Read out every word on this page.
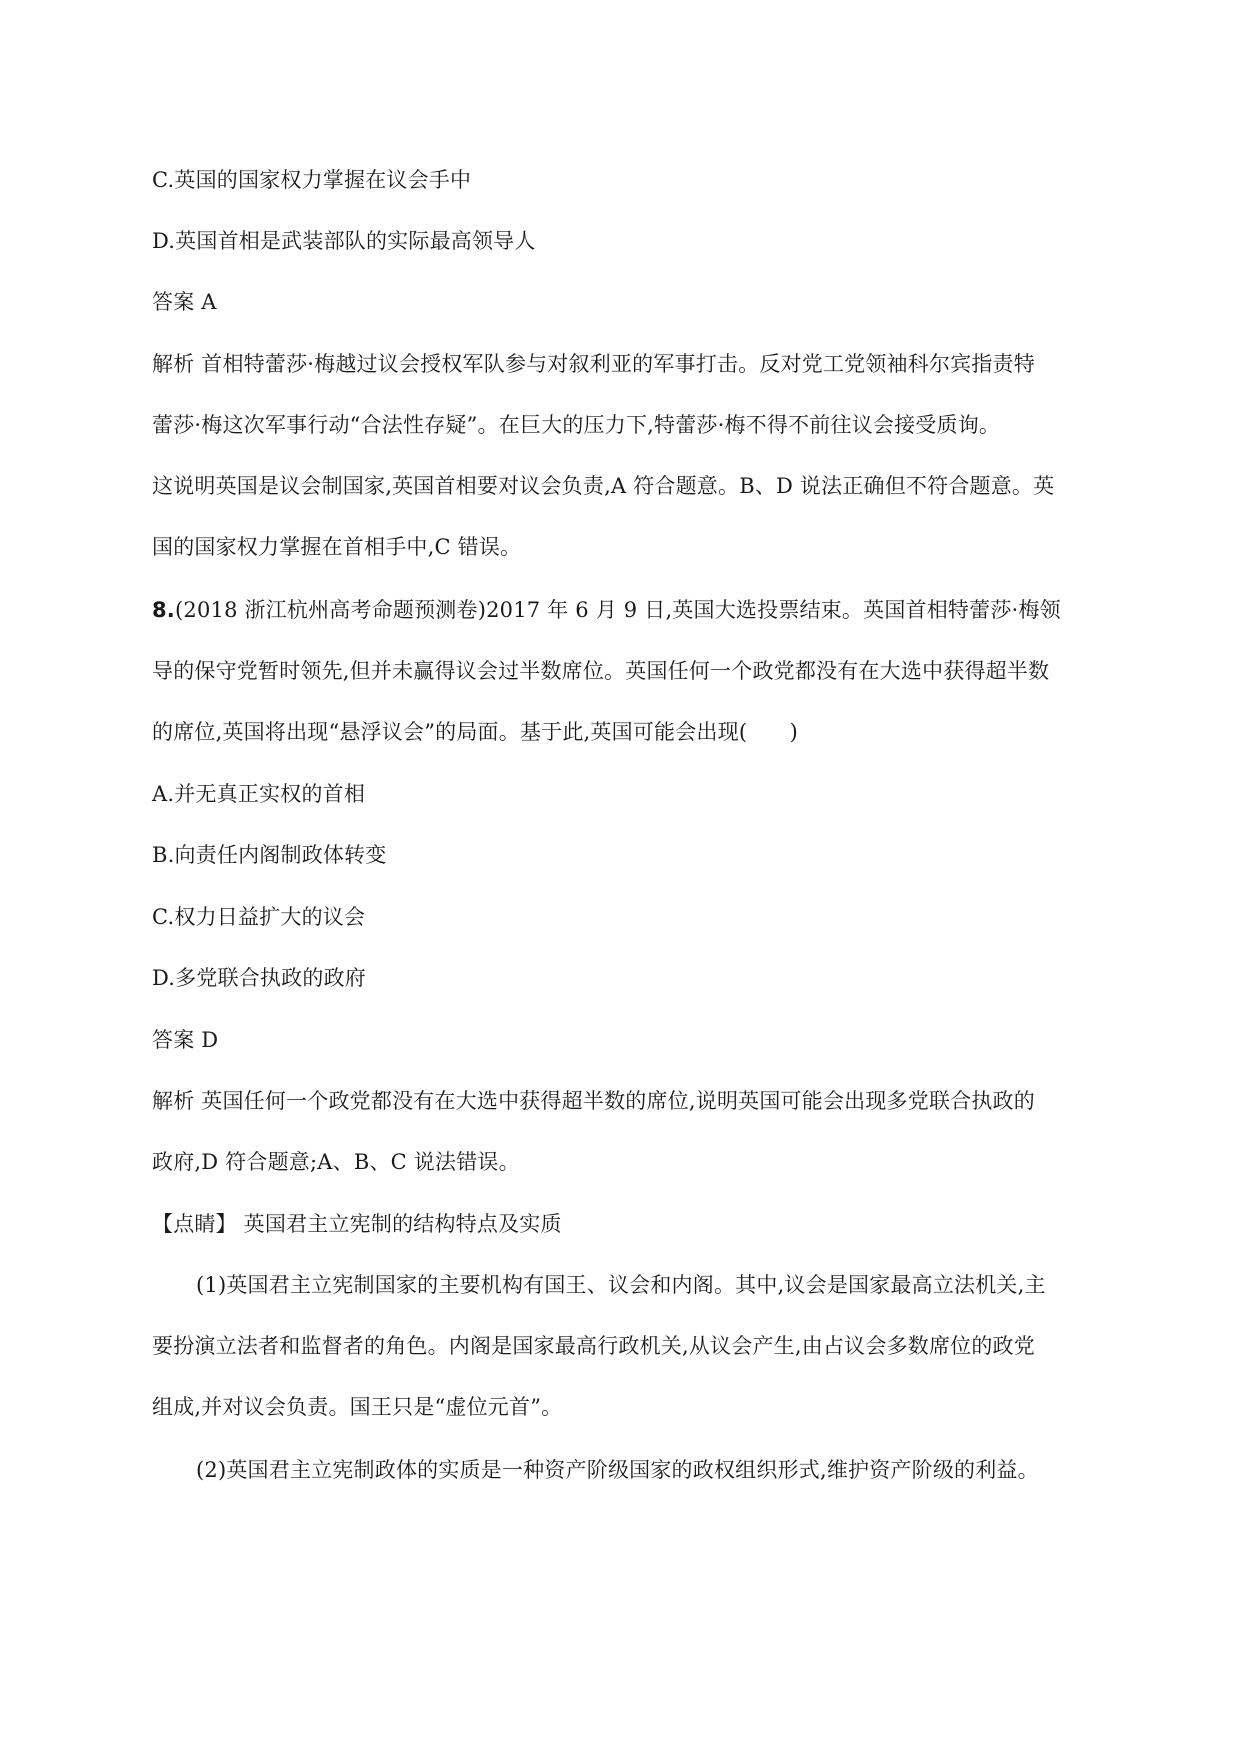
C.英国的国家权力掌握在议会手中
D.英国首相是武装部队的实际最高领导人
答案 A
解析 首相特蕾莎·梅越过议会授权军队参与对叙利亚的军事打击。反对党工党领袖科尔宾指责特
蕾莎·梅这次军事行动“合法性存疑”。在巨大的压力下,特蕾莎·梅不得不前往议会接受质询。
这说明英国是议会制国家,英国首相要对议会负责,A 符合题意。B、D 说法正确但不符合题意。英
国的国家权力掌握在首相手中,C 错误。
8.(2018 浙江杭州高考命题预测卷)2017 年 6 月 9 日,英国大选投票结束。英国首相特蕾莎·梅领
导的保守党暂时领先,但并未赢得议会过半数席位。英国任何一个政党都没有在大选中获得超半数
的席位,英国将出现“悬浮议会”的局面。基于此,英国可能会出现(　　)
A.并无真正实权的首相
B.向责任内阁制政体转变
C.权力日益扩大的议会
D.多党联合执政的政府
答案 D
解析 英国任何一个政党都没有在大选中获得超半数的席位,说明英国可能会出现多党联合执政的
政府,D 符合题意;A、B、C 说法错误。
【点睛】 英国君主立宪制的结构特点及实质
(1)英国君主立宪制国家的主要机构有国王、议会和内阁。其中,议会是国家最高立法机关,主
要扮演立法者和监督者的角色。内阁是国家最高行政机关,从议会产生,由占议会多数席位的政党
组成,并对议会负责。国王只是“虚位元首”。
(2)英国君主立宪制政体的实质是一种资产阶级国家的政权组织形式,维护资产阶级的利益。
